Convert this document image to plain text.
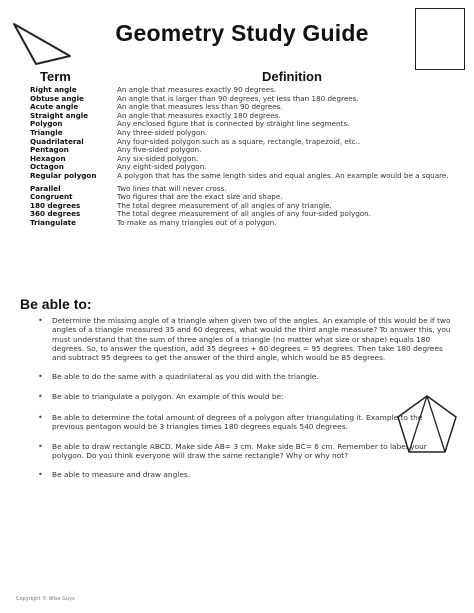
Geometry Study Guide
Term	Definition
Right angle	An angle that measures exactly 90 degrees.
Obtuse angle	An angle that is larger than 90 degrees, yet less than 180 degrees.
Acute angle	An angle that measures less than 90 degrees.
Straight angle	An angle that measures exactly 180 degrees.
Polygon	Any enclosed figure that is connected by straight line segments.
Triangle	Any three-sided polygon.
Quadrilateral	Any four-sided polygon such as a square, rectangle, trapezoid, etc..
Pentagon	Any five-sided polygon.
Hexagon	Any six-sided polygon.
Octagon	Any eight-sided polygon.
Regular polygon	A polygon that has the same length sides and equal angles. An example would be a square.
Parallel	Two lines that will never cross.
Congruent	Two figures that are the exact size and shape.
180 degrees	The total degree measurement of all angles of any triangle.
360 degrees	The total degree measurement of all angles of any four-sided polygon.
Triangulate	To make as many triangles out of a polygon.
Be able to:
• Determine the missing angle of a triangle when given two of the angles. An example of this would be if two angles of a triangle measured 35 and 60 degrees, what would the third angle measure? To answer this, you must understand that the sum of three angles of a triangle (no matter what size or shape) equals 180 degrees. So, to answer the question, add 35 degrees + 60 degrees = 95 degrees. Then take 180 degrees and subtract 95 degrees to get the answer of the third angle, which would be 85 degrees.
• Be able to do the same with a quadrilateral as you did with the triangle.
• Be able to triangulate a polygon. An example of this would be:
• Be able to determine the total amount of degrees of a polygon after triangulating it. Example to the previous pentagon would be 3 triangles times 180 degrees equals 540 degrees.
• Be able to draw rectangle ABCD. Make side AB= 3 cm. Make side BC= 6 cm. Remember to label your polygon. Do you think everyone will draw the same rectangle? Why or why not?
• Be able to measure and draw angles.
Copyright © Wise Guys
